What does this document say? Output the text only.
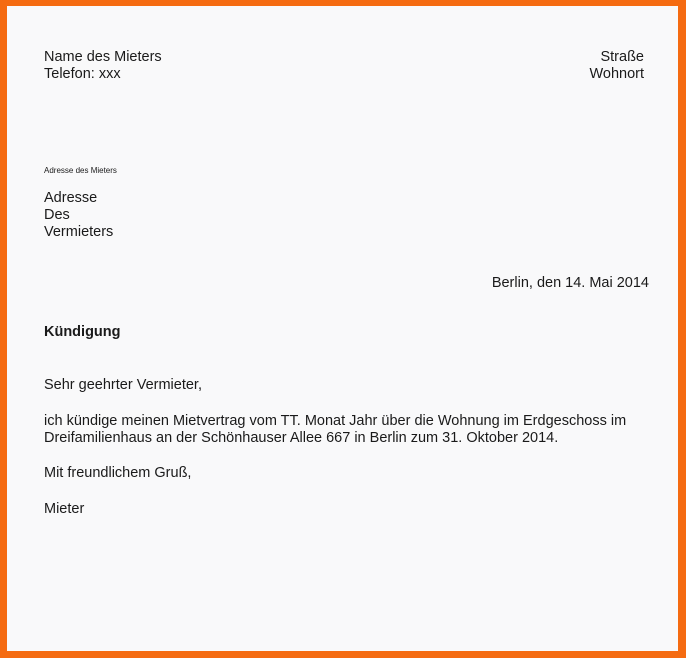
Name des Mieters
Telefon: xxx
Straße
Wohnort
Adresse des Mieters
Adresse
Des
Vermieters
Berlin, den 14. Mai 2014
Kündigung
Sehr geehrter Vermieter,
ich kündige meinen Mietvertrag vom TT. Monat Jahr über die Wohnung im Erdgeschoss im
Dreifamilienhaus an der Schönhauser Allee 667 in Berlin zum 31. Oktober 2014.
Mit freundlichem Gruß,
Mieter
